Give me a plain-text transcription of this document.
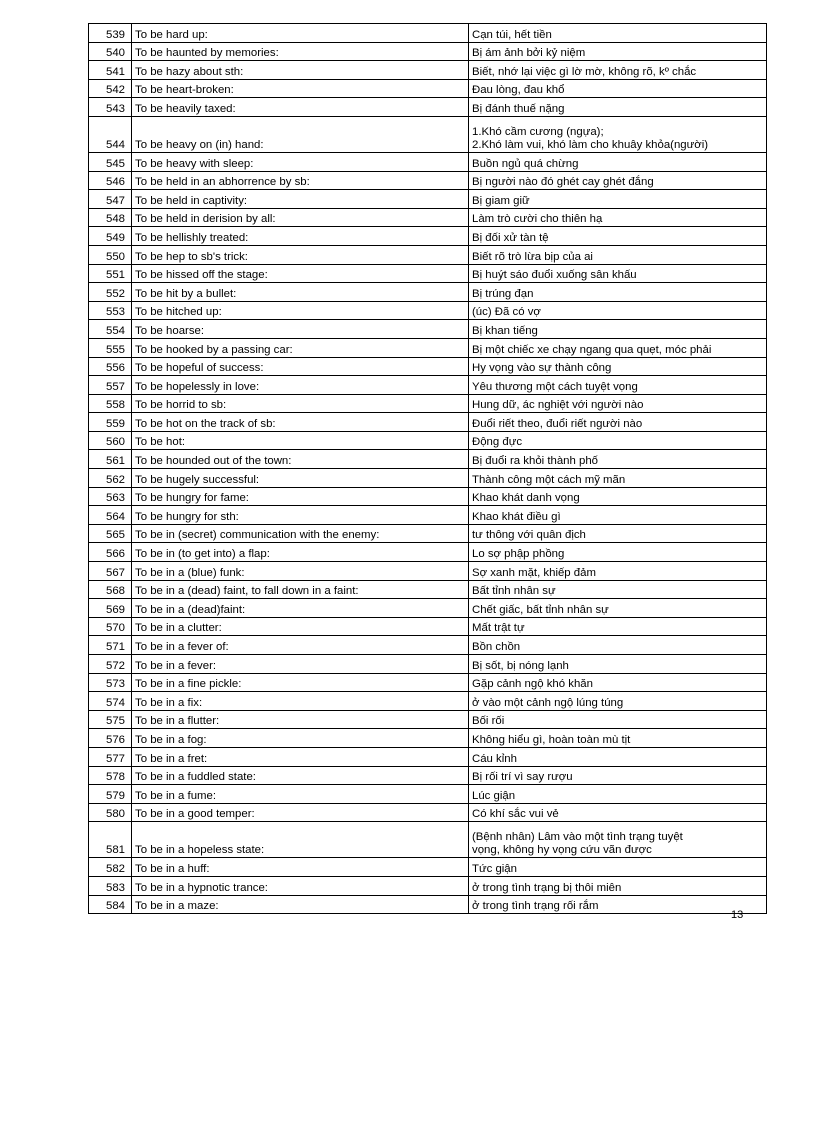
539	To be hard up:	Cạn túi, hết tiền
540	To be haunted by memories:	Bị ám ảnh bởi kỷ niệm
541	To be hazy about sth:	Biết, nhớ lại việc gì lờ mờ, không rõ, kº chắc
542	To be heart-broken:	Đau lòng, đau khổ
543	To be heavily taxed:	Bị đánh thuế nặng
544	To be heavy on (in) hand:	1.Khó cầm cương (ngựa);
2.Khó làm vui, khó làm cho khuây khỏa(người)
545	To be heavy with sleep:	Buồn ngủ quá chừng
546	To be held in an abhorrence by sb:	Bị người nào đó ghét cay ghét đắng
547	To be held in captivity:	Bị giam giữ
548	To be held in derision by all:	Làm trò cười cho thiên hạ
549	To be hellishly treated:	Bị đối xử tàn tệ
550	To be hep to sb's trick:	Biết rõ trò lừa bịp của ai
551	To be hissed off the stage:	Bị huýt sáo đuổi xuống sân khấu
552	To be hit by a bullet:	Bị trúng đạn
553	To be hitched up:	(úc) Đã có vợ
554	To be hoarse:	Bị khan tiếng
555	To be hooked by a passing car:	Bị một chiếc xe chạy ngang qua quẹt, móc phải
556	To be hopeful of success:	Hy vọng vào sự thành công
557	To be hopelessly in love:	Yêu thương một cách tuyệt vọng
558	To be horrid to sb:	Hung dữ, ác nghiệt với người nào
559	To be hot on the track of sb:	Đuổi riết theo, đuổi riết người nào
560	To be hot:	Động đực
561	To be hounded out of the town:	Bị đuổi ra khỏi thành phố
562	To be hugely successful:	Thành công một cách mỹ mãn
563	To be hungry for fame:	Khao khát danh vọng
564	To be hungry for sth:	Khao khát điều gì
565	To be in (secret) communication with the enemy:	tư thông với quân địch
566	To be in (to get into) a flap:	Lo sợ phập phồng
567	To be in a (blue) funk:	Sợ xanh mặt, khiếp đảm
568	To be in a (dead) faint, to fall down in a faint:	Bất tỉnh nhân sự
569	To be in a (dead)faint:	Chết giấc, bất tỉnh nhân sự
570	To be in a clutter:	Mất trật tự
571	To be in a fever of:	Bồn chồn
572	To be in a fever:	Bị sốt, bị nóng lạnh
573	To be in a fine pickle:	Gặp cảnh ngộ khó khăn
574	To be in a fix:	ở vào một cảnh ngộ lúng túng
575	To be in a flutter:	Bối rối
576	To be in a fog:	Không hiểu gì, hoàn toàn mù tịt
577	To be in a fret:	Cáu kỉnh
578	To be in a fuddled state:	Bị rối trí vì say rượu
579	To be in a fume:	Lúc giận
580	To be in a good temper:	Có khí sắc vui vẻ
581	To be in a hopeless state:	(Bệnh nhân) Lâm vào một tình trạng tuyệt
vọng, không hy vọng cứu vãn được
582	To be in a huff:	Tức giận
583	To be in a hypnotic trance:	ở trong tình trạng bị thôi miên
584	To be in a maze:	ở trong tình trạng rối rắm
13
